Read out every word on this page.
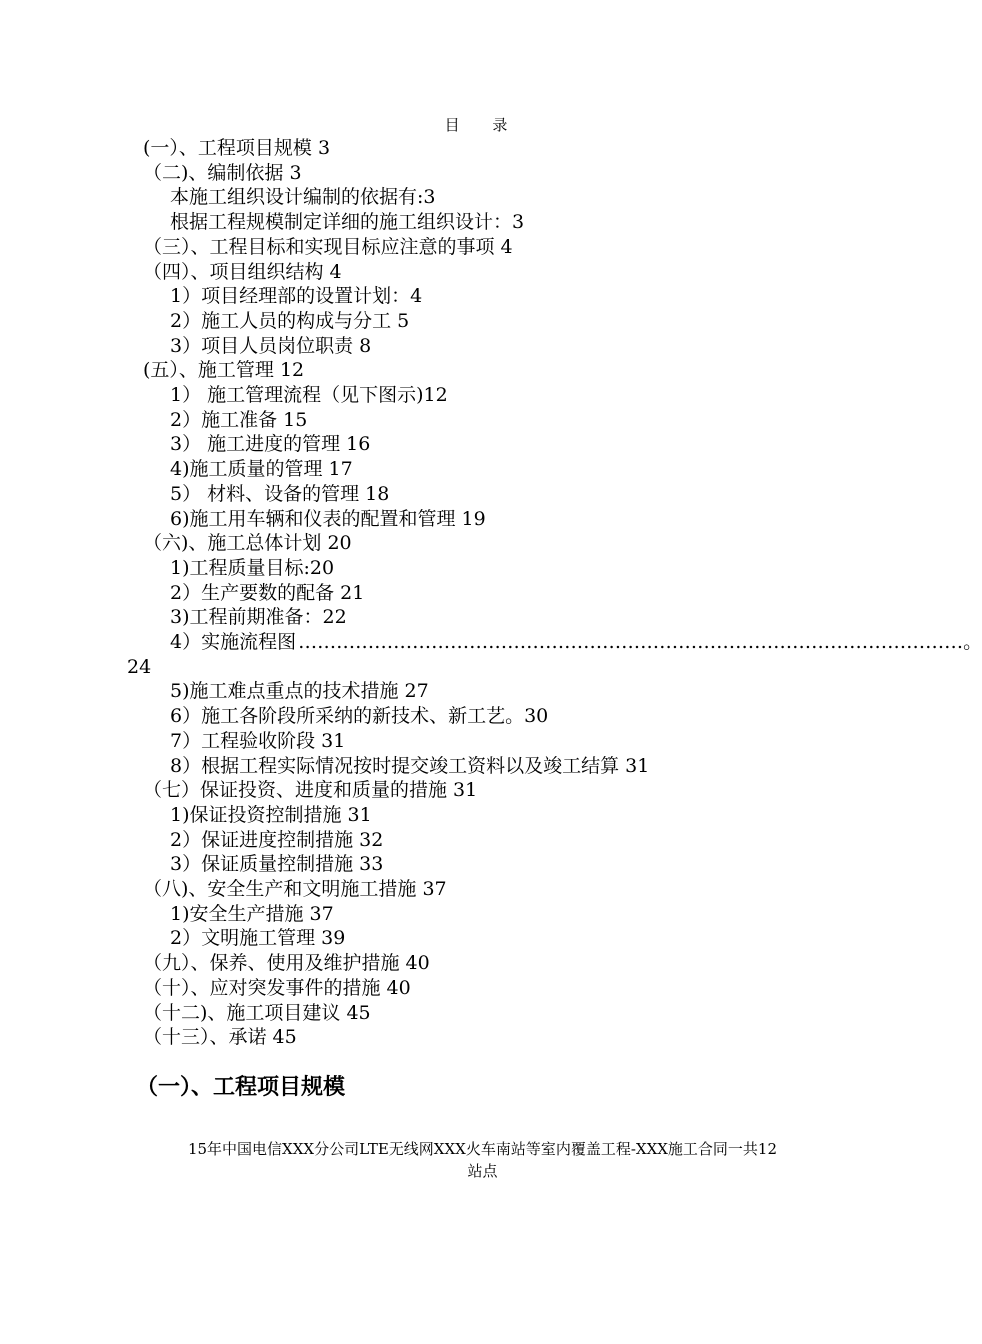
目 录
(一）、工程项目规模 3
（二)、编制依据 3
本施工组织设计编制的依据有:3
根据工程规模制定详细的施工组织设计：3
（三）、工程目标和实现目标应注意的事项 4
（四）、项目组织结构 4
1）项目经理部的设置计划：4
2）施工人员的构成与分工 5
3）项目人员岗位职责 8
(五）、施工管理 12
1） 施工管理流程（见下图示)12
2）施工准备 15
3） 施工进度的管理 16
4)施工质量的管理 17
5） 材料、设备的管理 18
6)施工用车辆和仪表的配置和管理 19
（六)、施工总体计划 20
1)工程质量目标:20
2）生产要数的配备 21
3)工程前期准备：22
4）实施流程图 …………………………………………………………………………………………… 。
24
5)施工难点重点的技术措施 27
6）施工各阶段所采纳的新技术、新工艺。30
7）工程验收阶段 31
8）根据工程实际情况按时提交竣工资料以及竣工结算 31
（七）保证投资、进度和质量的措施 31
1)保证投资控制措施 31
2）保证进度控制措施 32
3）保证质量控制措施 33
（八)、安全生产和文明施工措施 37
1)安全生产措施 37
2）文明施工管理 39
（九）、保养、使用及维护措施 40
（十）、应对突发事件的措施 40
（十二)、施工项目建议 45
（十三）、承诺 45
（一）、工程项目规模
15年中国电信XXX分公司LTE无线网XXX火车南站等室内覆盖工程-XXX施工合同一共12
站点
